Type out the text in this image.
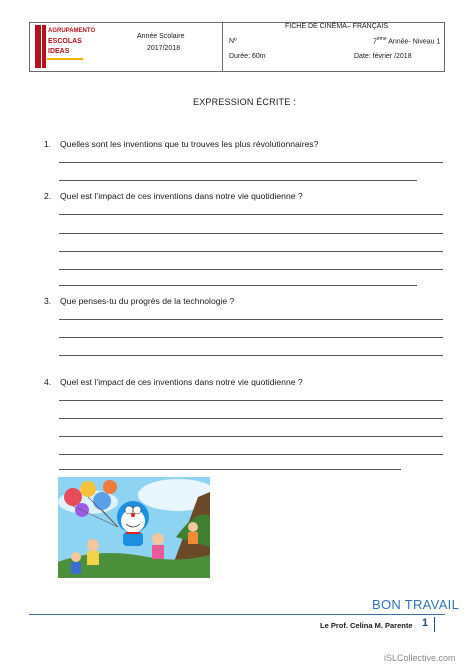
AGRUPAMENTO
ESCOLAS
IDEAS
Année Scolaire
2017/2018
FICHE DE CINÉMA– FRANÇAIS
Nº	7ème Année- Niveau 1
Durée: 60m	Date: février /2018
EXPRESSION ÉCRITE :
1. Quelles sont les inventions que tu trouves les plus révolutionnaires?
2. Quel est l’impact de ces inventions dans notre vie quotidienne ?
3. Que penses-tu du progrès de la technologie ?
4. Quel est l’impact de ces inventions dans notre vie quotidienne ?
BON TRAVAIL
Le Prof. Celina M. Parente 1
iSLCollective.com
